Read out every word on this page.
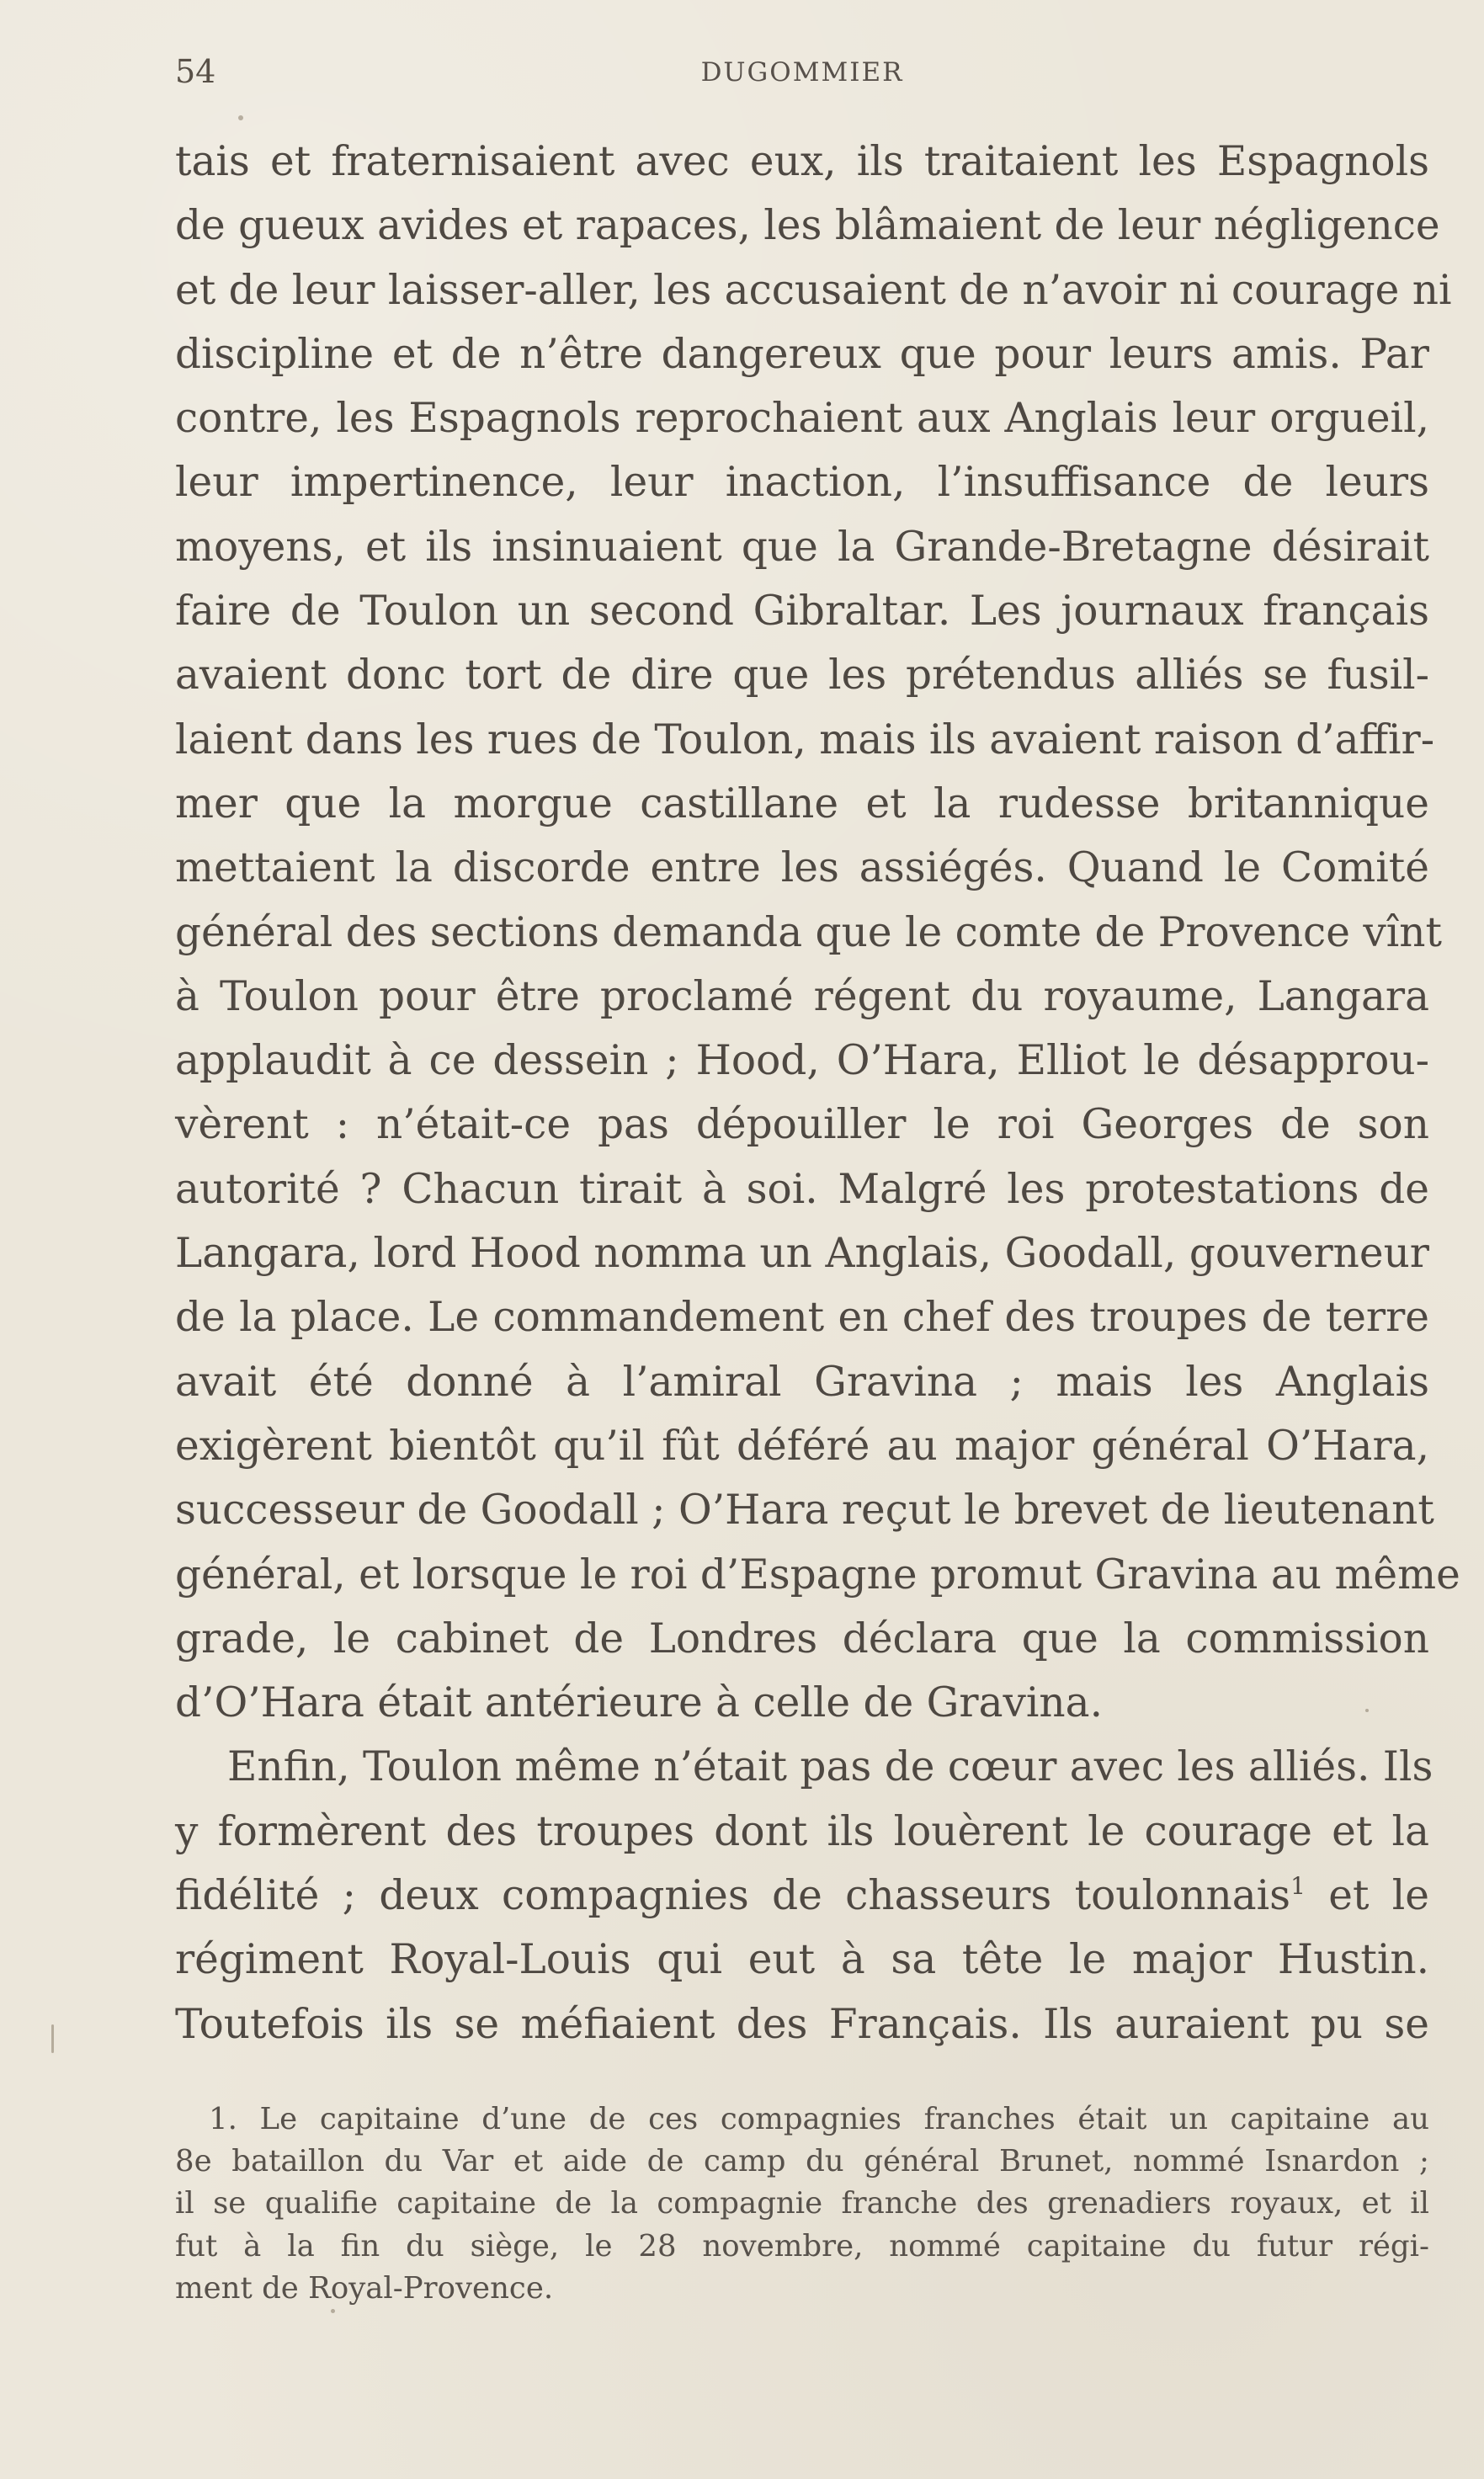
54	DUGOMMIER
tais et fraternisaient avec eux, ils traitaient les Espagnols
de gueux avides et rapaces, les blâmaient de leur négligence
et de leur laisser-aller, les accusaient de n’avoir ni courage ni
discipline et de n’être dangereux que pour leurs amis. Par
contre, les Espagnols reprochaient aux Anglais leur orgueil,
leur impertinence, leur inaction, l’insuffisance de leurs
moyens, et ils insinuaient que la Grande-Bretagne désirait
faire de Toulon un second Gibraltar. Les journaux français
avaient donc tort de dire que les prétendus alliés se fusil-
laient dans les rues de Toulon, mais ils avaient raison d’affir-
mer que la morgue castillane et la rudesse britannique
mettaient la discorde entre les assiégés. Quand le Comité
général des sections demanda que le comte de Provence vînt
à Toulon pour être proclamé régent du royaume, Langara
applaudit à ce dessein ; Hood, O’Hara, Elliot le désapprou-
vèrent : n’était-ce pas dépouiller le roi Georges de son
autorité ? Chacun tirait à soi. Malgré les protestations de
Langara, lord Hood nomma un Anglais, Goodall, gouverneur
de la place. Le commandement en chef des troupes de terre
avait été donné à l’amiral Gravina ; mais les Anglais
exigèrent bientôt qu’il fût déféré au major général O’Hara,
successeur de Goodall ; O’Hara reçut le brevet de lieutenant
général, et lorsque le roi d’Espagne promut Gravina au même
grade, le cabinet de Londres déclara que la commission
d’O’Hara était antérieure à celle de Gravina.
Enfin, Toulon même n’était pas de cœur avec les alliés. Ils
y formèrent des troupes dont ils louèrent le courage et la
fidélité ; deux compagnies de chasseurs toulonnais$^1$ et le
régiment Royal-Louis qui eut à sa tête le major Hustin.
Toutefois ils se méfiaient des Français. Ils auraient pu se
1. Le capitaine d’une de ces compagnies franches était un capitaine au
8e bataillon du Var et aide de camp du général Brunet, nommé Isnardon ;
il se qualifie capitaine de la compagnie franche des grenadiers royaux, et il
fut à la fin du siège, le 28 novembre, nommé capitaine du futur régi-
ment de Royal-Provence.
